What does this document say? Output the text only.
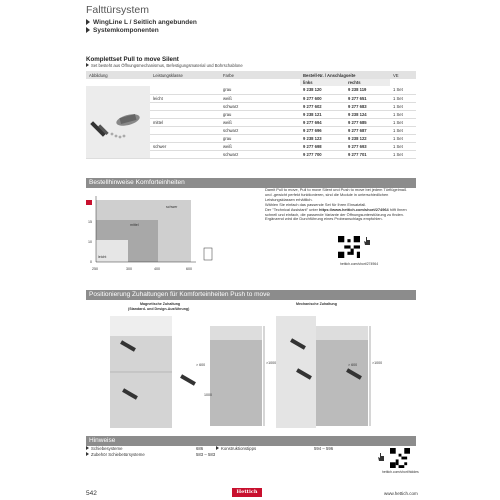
Falttürsystem
WingLine L / Seitlich angebunden
Systemkomponenten
Komplettset Pull to move Silent
Set besteht aus Öffnungsmechanismus, Befestigungsmaterial und Bohrschablone
Abbildung	Leistungsklasse	Farbe	Bestell-Nr. / Anschlagseite		VE
			links	rechts	
		grau	9 238 120	9 238 119	1 Set
	leicht	weiß	9 277 600	9 277 651	1 Set
		schwarz	9 277 602	9 277 683	1 Set
		grau	9 238 121	9 238 124	1 Set
	mittel	weiß	9 277 694	9 277 685	1 Set
		schwarz	9 277 696	9 277 687	1 Set
		grau	9 238 123	9 238 122	1 Set
	schwer	weiß	9 277 698	9 277 693	1 Set
		schwarz	9 277 700	9 277 701	1 Set
Bestellhinweise Komforteinheiten
schwer
mittel
leicht
15
10
0
250	300	400	600
Damit Pull to move, Pull to move Silent und Push to move bei jedem Türflügelmaß und -gewicht perfekt funktionieren, sind die Module in unterschiedlichen Leistungsklassen erhältlich.
Wählen Sie einfach das passende Set für Ihren Einsatzfall.
Der "Technical Assistant" unter https://www.hettich.com/short/274964 hilft Ihnen schnell und einfach, die passende Variante der Öffnungsunterstützung zu finden. Ergänzend wird die Durchführung eines Probeanschlags empfohlen.
hettich.com/short/274964
Positionierung Zuhaltungen für Komforteinheiten Push to move
Magnetische Zuhaltung
(Standard- und Design-Ausführung)
Mechanische Zuhaltung
>1000
> 600
1000
>1000
> 600
Hinweise
Schiebesysteme	686	Konstruktionstipps	594 – 596
Zubehör Schiebetürsysteme	583 – 583
hettich.com/short/hiddes
542	Hettich	www.hettich.com
